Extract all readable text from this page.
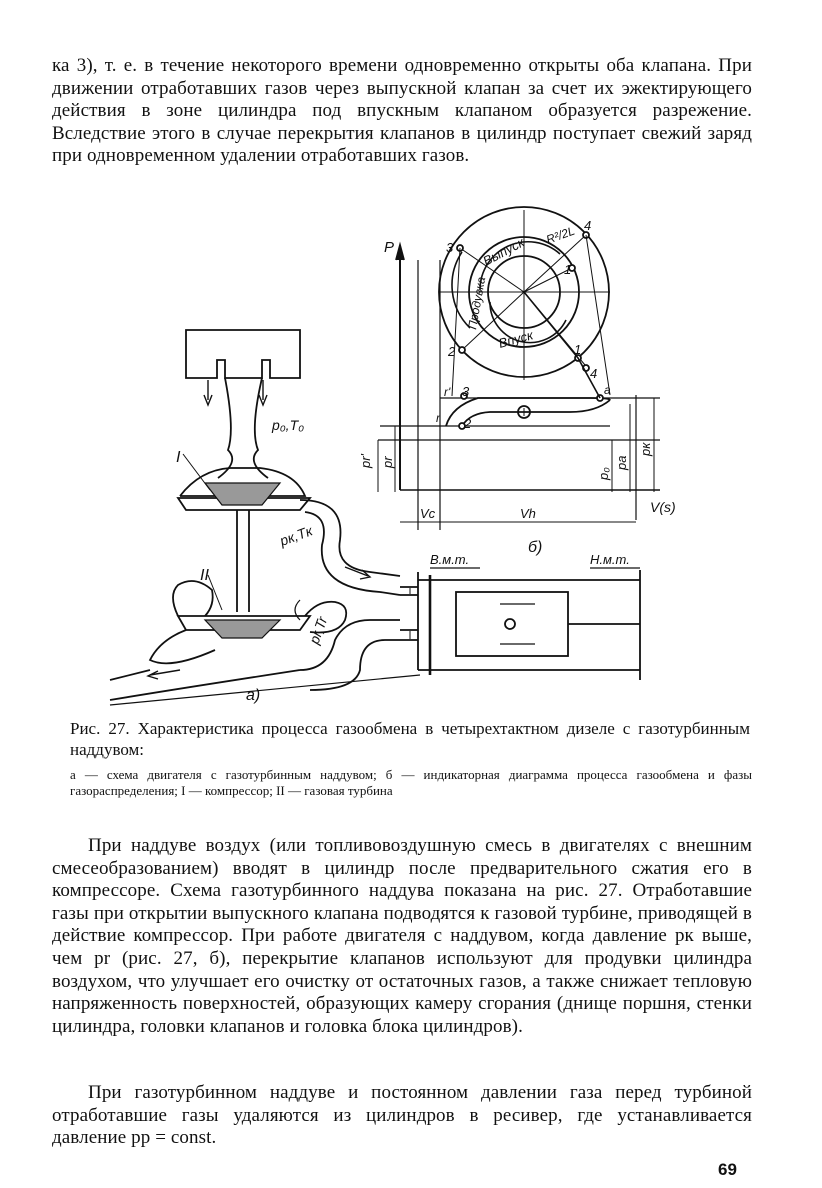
ка 3), т. е. в течение некоторого времени одновременно открыты оба клапана. При движении отработавших газов через выпускной клапан за счет их эжектирующего действия в зоне цилиндра под впускным клапаном образуется разрежение. Вследствие этого в случае перекрытия клапанов в цилиндр поступает свежий заряд при одновременном удалении отработавших газов.

p₀,T₀
I
pк,Tк
II
pr,Tr
В.м.т.	Н.м.т.
а)
б)
P
V(s)
Vc	Vh
pr' pr
p₀
pа
pк
r'
r
a
Выпуск
Впуск
Продувка
R²/2L
3
4
1
2	1
4
3
2

Рис. 27. Характеристика процесса газообмена в четырехтактном дизеле с газотурбинным наддувом:

а — схема двигателя с газотурбинным наддувом; б — индикаторная диаграмма процесса газообмена и фазы газораспределения; I — компрессор; II — газовая турбина

При наддуве воздух (или топливовоздушную смесь в двигателях с внешним смесеобразованием) вводят в цилиндр после предварительного сжатия его в компрессоре. Схема газотурбинного наддува показана на рис. 27. Отработавшие газы при открытии выпускного клапана подводятся к газовой турбине, приводящей в действие компрессор. При работе двигателя с наддувом, когда давление pк выше, чем pr (рис. 27, б), перекрытие клапанов используют для продувки цилиндра воздухом, что улучшает его очистку от остаточных газов, а также снижает тепловую напряженность поверхностей, образующих камеру сгорания (днище поршня, стенки цилиндра, головки клапанов и головка блока цилиндров).

При газотурбинном наддуве и постоянном давлении газа перед турбиной отработавшие газы удаляются из цилиндров в ресивер, где устанавливается давление pр = const.

69
